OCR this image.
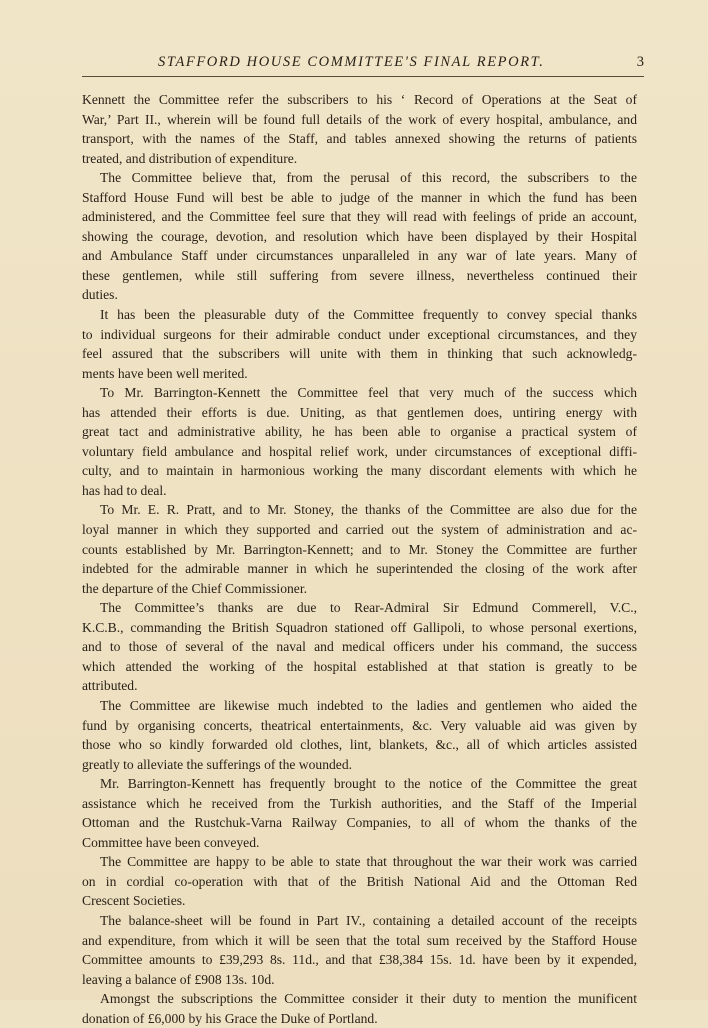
STAFFORD HOUSE COMMITTEE'S FINAL REPORT.	3
Kennett the Committee refer the subscribers to his ‘ Record of Operations at the Seat of
War,’ Part II., wherein will be found full details of the work of every hospital, ambulance, and
transport, with the names of the Staff, and tables annexed showing the returns of patients
treated, and distribution of expenditure.
The Committee believe that, from the perusal of this record, the subscribers to the
Stafford House Fund will best be able to judge of the manner in which the fund has been
administered, and the Committee feel sure that they will read with feelings of pride an account,
showing the courage, devotion, and resolution which have been displayed by their Hospital
and Ambulance Staff under circumstances unparalleled in any war of late years. Many of
these gentlemen, while still suffering from severe illness, nevertheless continued their
duties.
It has been the pleasurable duty of the Committee frequently to convey special thanks
to individual surgeons for their admirable conduct under exceptional circumstances, and they
feel assured that the subscribers will unite with them in thinking that such acknowledg-
ments have been well merited.
To Mr. Barrington-Kennett the Committee feel that very much of the success which
has attended their efforts is due. Uniting, as that gentlemen does, untiring energy with
great tact and administrative ability, he has been able to organise a practical system of
voluntary field ambulance and hospital relief work, under circumstances of exceptional diffi-
culty, and to maintain in harmonious working the many discordant elements with which he
has had to deal.
To Mr. E. R. Pratt, and to Mr. Stoney, the thanks of the Committee are also due for the
loyal manner in which they supported and carried out the system of administration and ac-
counts established by Mr. Barrington-Kennett; and to Mr. Stoney the Committee are further
indebted for the admirable manner in which he superintended the closing of the work after
the departure of the Chief Commissioner.
The Committee’s thanks are due to Rear-Admiral Sir Edmund Commerell, V.C.,
K.C.B., commanding the British Squadron stationed off Gallipoli, to whose personal exertions,
and to those of several of the naval and medical officers under his command, the success
which attended the working of the hospital established at that station is greatly to be
attributed.
The Committee are likewise much indebted to the ladies and gentlemen who aided the
fund by organising concerts, theatrical entertainments, &c. Very valuable aid was given by
those who so kindly forwarded old clothes, lint, blankets, &c., all of which articles assisted
greatly to alleviate the sufferings of the wounded.
Mr. Barrington-Kennett has frequently brought to the notice of the Committee the great
assistance which he received from the Turkish authorities, and the Staff of the Imperial
Ottoman and the Rustchuk-Varna Railway Companies, to all of whom the thanks of the
Committee have been conveyed.
The Committee are happy to be able to state that throughout the war their work was carried
on in cordial co-operation with that of the British National Aid and the Ottoman Red
Crescent Societies.
The balance-sheet will be found in Part IV., containing a detailed account of the receipts
and expenditure, from which it will be seen that the total sum received by the Stafford House
Committee amounts to £39,293 8s. 11d., and that £38,384 15s. 1d. have been by it expended,
leaving a balance of £908 13s. 10d.
Amongst the subscriptions the Committee consider it their duty to mention the munificent
donation of £6,000 by his Grace the Duke of Portland.
